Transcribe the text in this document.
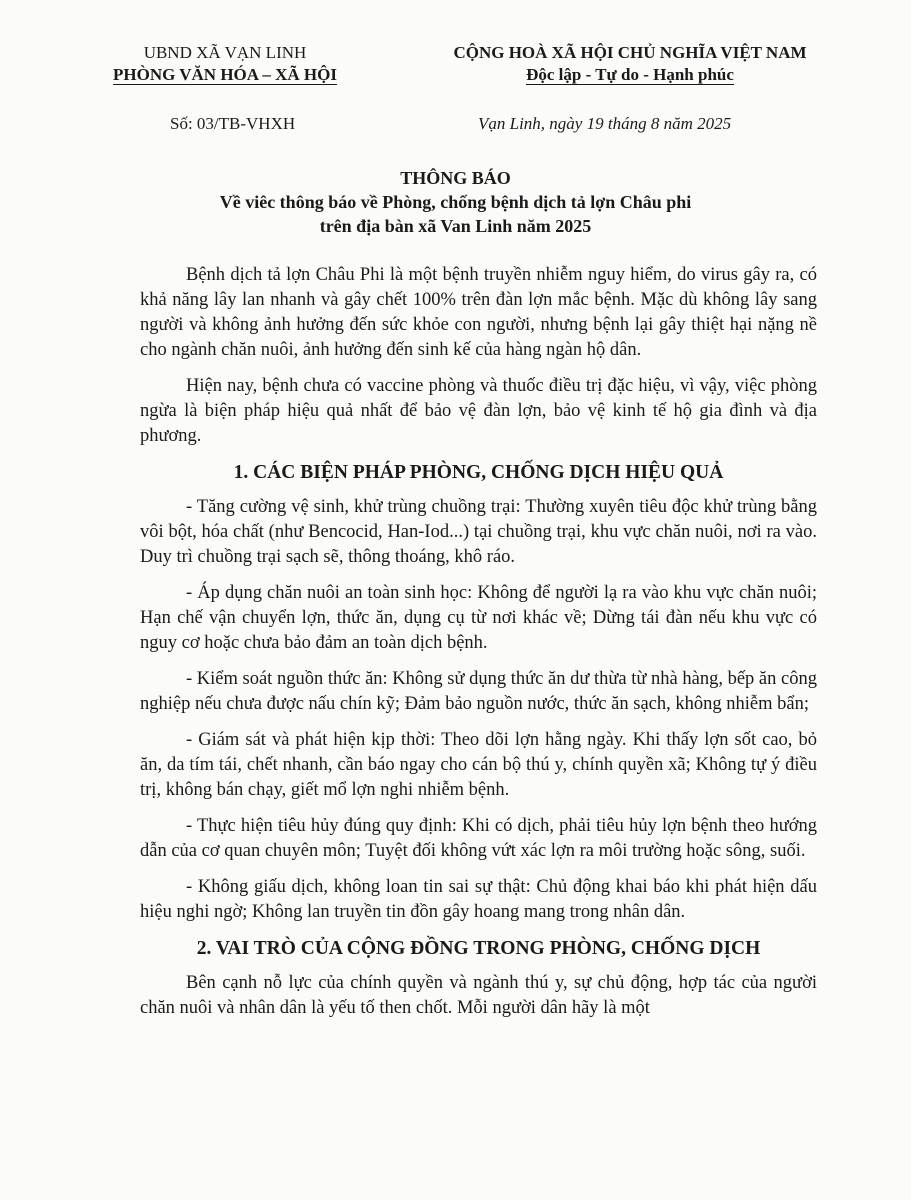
UBND XÃ VẠN LINH
PHÒNG VĂN HÓA – XÃ HỘI
CỘNG HOÀ XÃ HỘI CHỦ NGHĨA VIỆT NAM
Độc lập - Tự do - Hạnh phúc
Số: 03/TB-VHXH	Vạn Linh, ngày 19 tháng 8 năm 2025
THÔNG BÁO
Về viêc thông báo về Phòng, chống bệnh dịch tả lợn Châu phi
trên địa bàn xã Van Linh năm 2025

Bệnh dịch tả lợn Châu Phi là một bệnh truyền nhiễm nguy hiểm, do virus gây ra, có khả năng lây lan nhanh và gây chết 100% trên đàn lợn mắc bệnh. Mặc dù không lây sang người và không ảnh hưởng đến sức khỏe con người, nhưng bệnh lại gây thiệt hại nặng nề cho ngành chăn nuôi, ảnh hưởng đến sinh kế của hàng ngàn hộ dân.

Hiện nay, bệnh chưa có vaccine phòng và thuốc điều trị đặc hiệu, vì vậy, việc phòng ngừa là biện pháp hiệu quả nhất để bảo vệ đàn lợn, bảo vệ kinh tế hộ gia đình và địa phương.

1. CÁC BIỆN PHÁP PHÒNG, CHỐNG DỊCH HIỆU QUẢ

- Tăng cường vệ sinh, khử trùng chuồng trại: Thường xuyên tiêu độc khử trùng bằng vôi bột, hóa chất (như Bencocid, Han-Iod...) tại chuồng trại, khu vực chăn nuôi, nơi ra vào. Duy trì chuồng trại sạch sẽ, thông thoáng, khô ráo.

- Áp dụng chăn nuôi an toàn sinh học: Không để người lạ ra vào khu vực chăn nuôi; Hạn chế vận chuyển lợn, thức ăn, dụng cụ từ nơi khác về; Dừng tái đàn nếu khu vực có nguy cơ hoặc chưa bảo đảm an toàn dịch bệnh.

- Kiểm soát nguồn thức ăn: Không sử dụng thức ăn dư thừa từ nhà hàng, bếp ăn công nghiệp nếu chưa được nấu chín kỹ; Đảm bảo nguồn nước, thức ăn sạch, không nhiễm bẩn;

- Giám sát và phát hiện kịp thời: Theo dõi lợn hằng ngày. Khi thấy lợn sốt cao, bỏ ăn, da tím tái, chết nhanh, cần báo ngay cho cán bộ thú y, chính quyền xã; Không tự ý điều trị, không bán chạy, giết mổ lợn nghi nhiễm bệnh.

- Thực hiện tiêu hủy đúng quy định: Khi có dịch, phải tiêu hủy lợn bệnh theo hướng dẫn của cơ quan chuyên môn; Tuyệt đối không vứt xác lợn ra môi trường hoặc sông, suối.

- Không giấu dịch, không loan tin sai sự thật: Chủ động khai báo khi phát hiện dấu hiệu nghi ngờ; Không lan truyền tin đồn gây hoang mang trong nhân dân.

2. VAI TRÒ CỦA CỘNG ĐỒNG TRONG PHÒNG, CHỐNG DỊCH

Bên cạnh nỗ lực của chính quyền và ngành thú y, sự chủ động, hợp tác của người chăn nuôi và nhân dân là yếu tố then chốt. Mỗi người dân hãy là một
